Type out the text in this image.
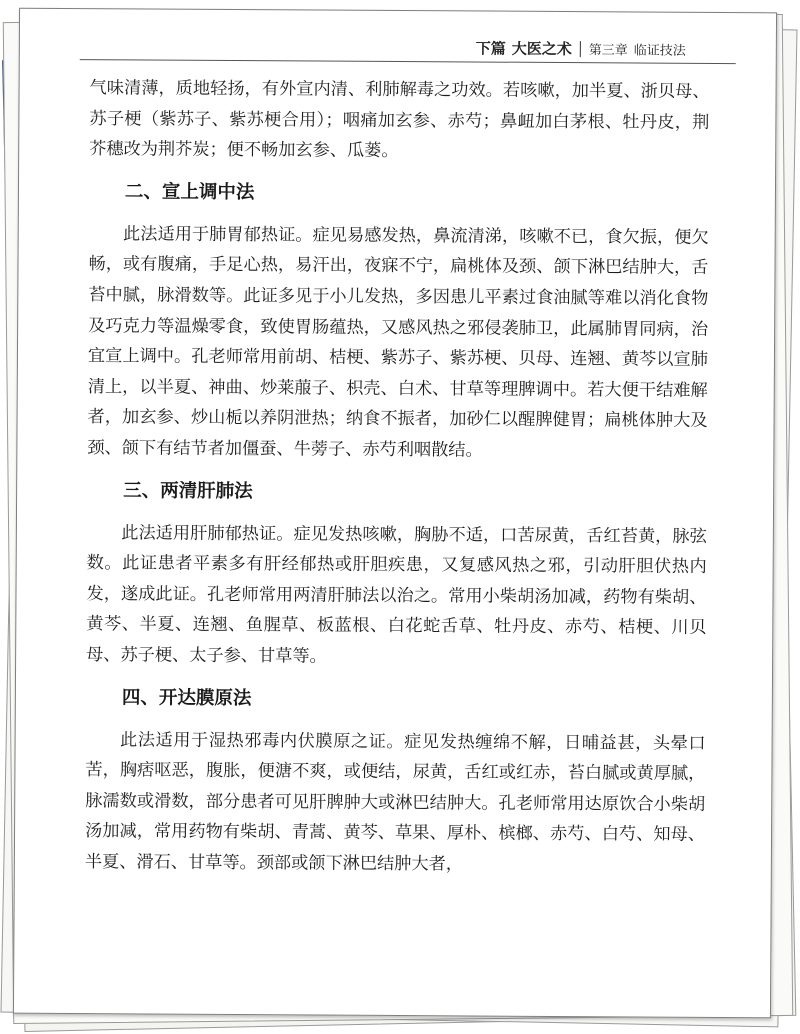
下篇 大医之术 第三章 临证技法

气味清薄，质地轻扬，有外宣内清、利肺解毒之功效。若咳嗽，加半夏、浙贝母、苏子梗（紫苏子、紫苏梗合用）；咽痛加玄参、赤芍；鼻衄加白茅根、牡丹皮，荆芥穗改为荆芥炭；便不畅加玄参、瓜蒌。

二、宣上调中法

此法适用于肺胃郁热证。症见易感发热，鼻流清涕，咳嗽不已，食欠振，便欠畅，或有腹痛，手足心热，易汗出，夜寐不宁，扁桃体及颈、颌下淋巴结肿大，舌苔中腻，脉滑数等。此证多见于小儿发热，多因患儿平素过食油腻等难以消化食物及巧克力等温燥零食，致使胃肠蕴热，又感风热之邪侵袭肺卫，此属肺胃同病，治宜宣上调中。孔老师常用前胡、桔梗、紫苏子、紫苏梗、贝母、连翘、黄芩以宣肺清上，以半夏、神曲、炒莱菔子、枳壳、白术、甘草等理脾调中。若大便干结难解者，加玄参、炒山栀以养阴泄热；纳食不振者，加砂仁以醒脾健胃；扁桃体肿大及颈、颌下有结节者加僵蚕、牛蒡子、赤芍利咽散结。

三、两清肝肺法

此法适用肝肺郁热证。症见发热咳嗽，胸胁不适，口苦尿黄，舌红苔黄，脉弦数。此证患者平素多有肝经郁热或肝胆疾患，又复感风热之邪，引动肝胆伏热内发，遂成此证。孔老师常用两清肝肺法以治之。常用小柴胡汤加减，药物有柴胡、黄芩、半夏、连翘、鱼腥草、板蓝根、白花蛇舌草、牡丹皮、赤芍、桔梗、川贝母、苏子梗、太子参、甘草等。

四、开达膜原法

此法适用于湿热邪毒内伏膜原之证。症见发热缠绵不解，日晡益甚，头晕口苦，胸痞呕恶，腹胀，便溏不爽，或便结，尿黄，舌红或红赤，苔白腻或黄厚腻，脉濡数或滑数，部分患者可见肝脾肿大或淋巴结肿大。孔老师常用达原饮合小柴胡汤加减，常用药物有柴胡、青蒿、黄芩、草果、厚朴、槟榔、赤芍、白芍、知母、半夏、滑石、甘草等。颈部或颌下淋巴结肿大者，
